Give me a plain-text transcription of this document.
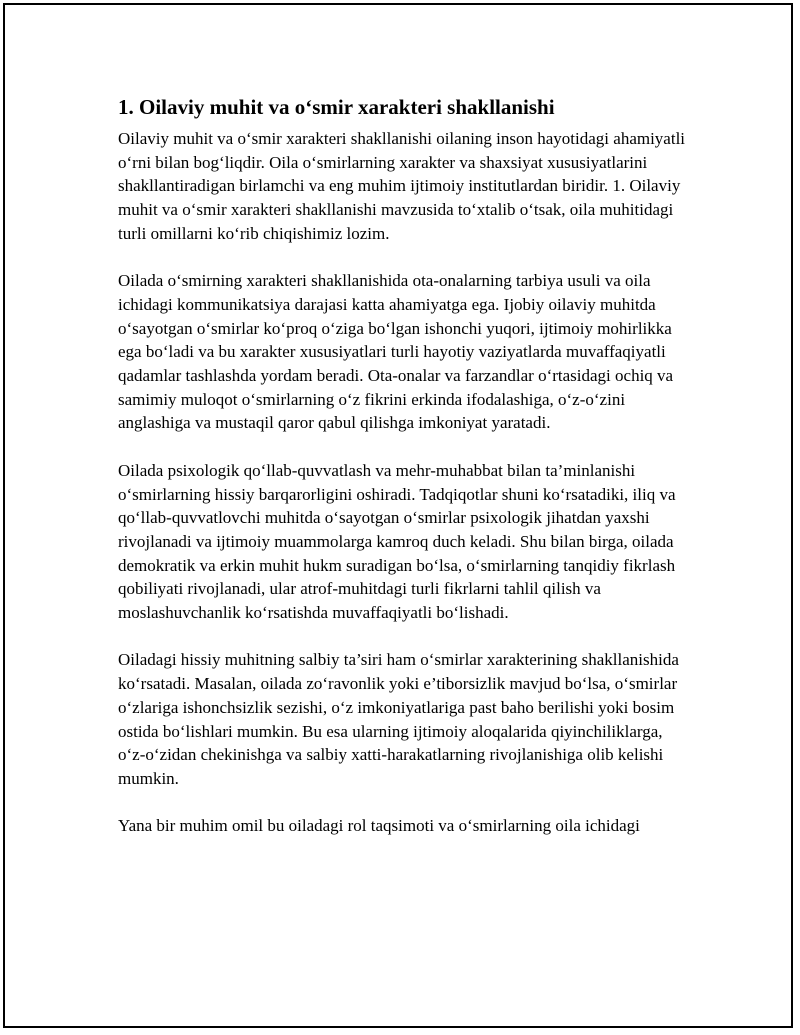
1. Oilaviy muhit va o‘smir xarakteri shakllanishi

Oilaviy muhit va o‘smir xarakteri shakllanishi oilaning inson hayotidagi ahamiyatli o‘rni bilan bog‘liqdir. Oila o‘smirlarning xarakter va shaxsiyat xususiyatlarini shakllantiradigan birlamchi va eng muhim ijtimoiy institutlardan biridir. 1. Oilaviy muhit va o‘smir xarakteri shakllanishi mavzusida to‘xtalib o‘tsak, oila muhitidagi turli omillarni ko‘rib chiqishimiz lozim.

Oilada o‘smirning xarakteri shakllanishida ota-onalarning tarbiya usuli va oila ichidagi kommunikatsiya darajasi katta ahamiyatga ega. Ijobiy oilaviy muhitda o‘sayotgan o‘smirlar ko‘proq o‘ziga bo‘lgan ishonchi yuqori, ijtimoiy mohirlikka ega bo‘ladi va bu xarakter xususiyatlari turli hayotiy vaziyatlarda muvaffaqiyatli qadamlar tashlashda yordam beradi. Ota-onalar va farzandlar o‘rtasidagi ochiq va samimiy muloqot o‘smirlarning o‘z fikrini erkinda ifodalashiga, o‘z-o‘zini anglashiga va mustaqil qaror qabul qilishga imkoniyat yaratadi.

Oilada psixologik qo‘llab-quvvatlash va mehr-muhabbat bilan ta’minlanishi o‘smirlarning hissiy barqarorligini oshiradi. Tadqiqotlar shuni ko‘rsatadiki, iliq va qo‘llab-quvvatlovchi muhitda o‘sayotgan o‘smirlar psixologik jihatdan yaxshi rivojlanadi va ijtimoiy muammolarga kamroq duch keladi. Shu bilan birga, oilada demokratik va erkin muhit hukm suradigan bo‘lsa, o‘smirlarning tanqidiy fikrlash qobiliyati rivojlanadi, ular atrof-muhitdagi turli fikrlarni tahlil qilish va moslashuvchanlik ko‘rsatishda muvaffaqiyatli bo‘lishadi.

Oiladagi hissiy muhitning salbiy ta’siri ham o‘smirlar xarakterining shakllanishida ko‘rsatadi. Masalan, oilada zo‘ravonlik yoki e’tiborsizlik mavjud bo‘lsa, o‘smirlar o‘zlariga ishonchsizlik sezishi, o‘z imkoniyatlariga past baho berilishi yoki bosim ostida bo‘lishlari mumkin. Bu esa ularning ijtimoiy aloqalarida qiyinchiliklarga, o‘z-o‘zidan chekinishga va salbiy xatti-harakatlarning rivojlanishiga olib kelishi mumkin.

Yana bir muhim omil bu oiladagi rol taqsimoti va o‘smirlarning oila ichidagi
